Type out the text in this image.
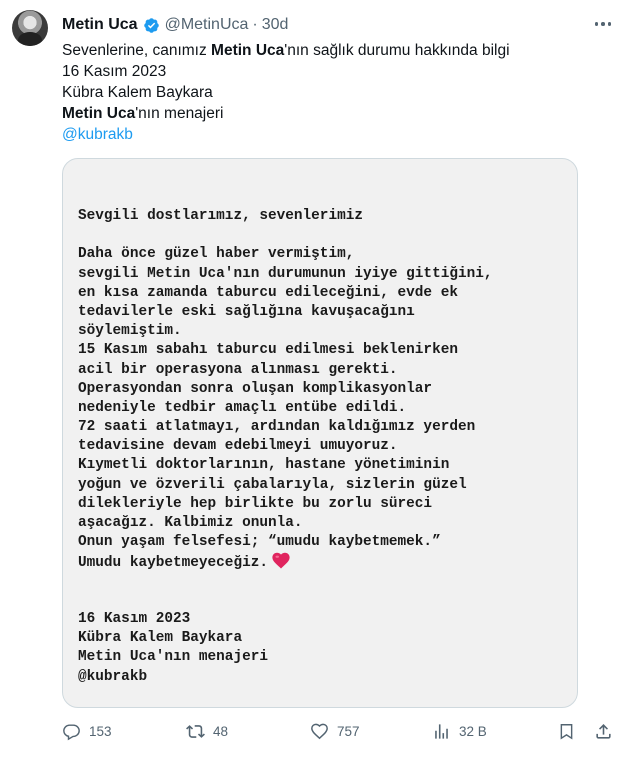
Metin Uca @MetinUca · 30d
Sevenlerine, canımız Metin Uca'nın sağlık durumu hakkında bilgi
16 Kasım 2023
Kübra Kalem Baykara
Metin Uca'nın menajeri
@kubrakb
Sevgili dostlarımız, sevenlerimiz
Daha önce güzel haber vermiştim,
sevgili Metin Uca'nın durumunun iyiye gittiğini,
en kısa zamanda taburcu edileceğini, evde ek
tedavilerle eski sağlığına kavuşacağını
söylemiştim.
15 Kasım sabahı taburcu edilmesi beklenirken
acil bir operasyona alınması gerekti.
Operasyondan sonra oluşan komplikasyonlar
nedeniyle tedbir amaçlı entübe edildi.
72 saati atlatmayı, ardından kaldığımız yerden
tedavisine devam edebilmeyi umuyoruz.
Kıymetli doktorlarının, hastane yönetiminin
yoğun ve özverili çabalarıyla, sizlerin güzel
dilekleriyle hep birlikte bu zorlu süreci
aşacağız. Kalbimiz onunla.
Onun yaşam felsefesi; “umudu kaybetmemek.”
Umudu kaybetmeyeceğiz.
16 Kasım 2023
Kübra Kalem Baykara
Metin Uca'nın menajeri
@kubrakb
153	48	757	32 B
